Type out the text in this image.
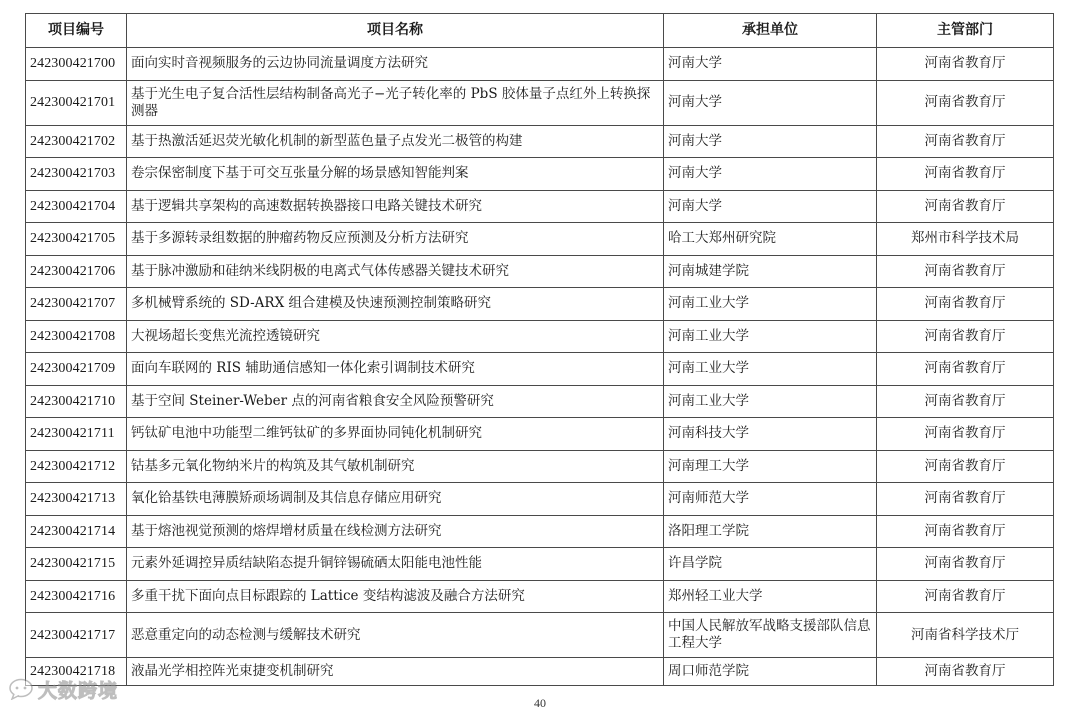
项目编号	项目名称	承担单位	主管部门
242300421700	面向实时音视频服务的云边协同流量调度方法研究	河南大学	河南省教育厅
242300421701	基于光生电子复合活性层结构制备高光子−光子转化率的 PbS 胶体量子点红外上转换探测器	河南大学	河南省教育厅
242300421702	基于热激活延迟荧光敏化机制的新型蓝色量子点发光二极管的构建	河南大学	河南省教育厅
242300421703	卷宗保密制度下基于可交互张量分解的场景感知智能判案	河南大学	河南省教育厅
242300421704	基于逻辑共享架构的高速数据转换器接口电路关键技术研究	河南大学	河南省教育厅
242300421705	基于多源转录组数据的肿瘤药物反应预测及分析方法研究	哈工大郑州研究院	郑州市科学技术局
242300421706	基于脉冲激励和硅纳米线阴极的电离式气体传感器关键技术研究	河南城建学院	河南省教育厅
242300421707	多机械臂系统的 SD-ARX 组合建模及快速预测控制策略研究	河南工业大学	河南省教育厅
242300421708	大视场超长变焦光流控透镜研究	河南工业大学	河南省教育厅
242300421709	面向车联网的 RIS 辅助通信感知一体化索引调制技术研究	河南工业大学	河南省教育厅
242300421710	基于空间 Steiner-Weber 点的河南省粮食安全风险预警研究	河南工业大学	河南省教育厅
242300421711	钙钛矿电池中功能型二维钙钛矿的多界面协同钝化机制研究	河南科技大学	河南省教育厅
242300421712	钴基多元氧化物纳米片的构筑及其气敏机制研究	河南理工大学	河南省教育厅
242300421713	氧化铪基铁电薄膜矫顽场调制及其信息存储应用研究	河南师范大学	河南省教育厅
242300421714	基于熔池视觉预测的熔焊增材质量在线检测方法研究	洛阳理工学院	河南省教育厅
242300421715	元素外延调控异质结缺陷态提升铜锌锡硫硒太阳能电池性能	许昌学院	河南省教育厅
242300421716	多重干扰下面向点目标跟踪的 Lattice 变结构滤波及融合方法研究	郑州轻工业大学	河南省教育厅
242300421717	恶意重定向的动态检测与缓解技术研究	中国人民解放军战略支援部队信息工程大学	河南省科学技术厅
242300421718	液晶光学相控阵光束捷变机制研究	周口师范学院	河南省教育厅
大数跨境
40
